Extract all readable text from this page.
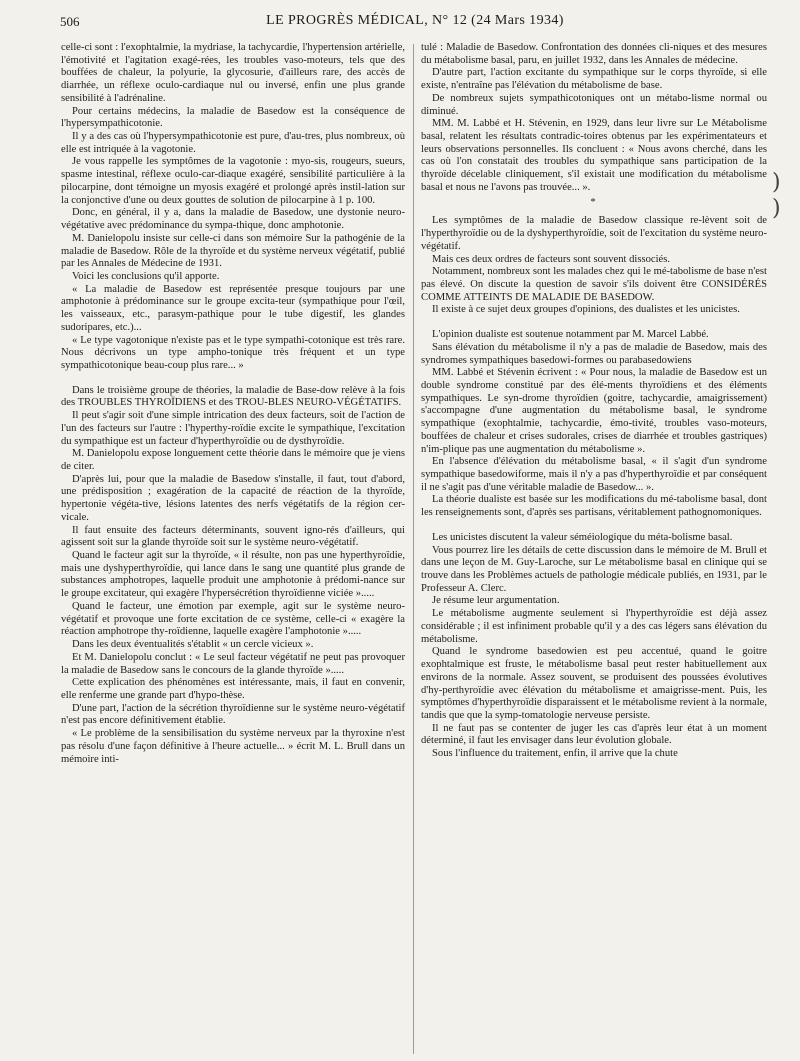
506	LE PROGRÈS MÉDICAL, N° 12 (24 Mars 1934)

celle-ci sont : l'exophtalmie, la mydriase, la tachycardie, l'hypertension artérielle, l'émotivité et l'agitation exagé-rées, les troubles vaso-moteurs, tels que des bouffées de chaleur, la polyurie, la glycosurie, d'ailleurs rare, des accès de diarrhée, un réflexe oculo-cardiaque nul ou inversé, enfin une plus grande sensibilité à l'adrénaline.

Pour certains médecins, la maladie de Basedow est la conséquence de l'hypersympathicotonie.

Il y a des cas où l'hypersympathicotonie est pure, d'au-tres, plus nombreux, où elle est intriquée à la vagotonie.

Je vous rappelle les symptômes de la vagotonie : myo-sis, rougeurs, sueurs, spasme intestinal, réflexe oculo-car-diaque exagéré, sensibilité particulière à la pilocarpine, dont témoigne un myosis exagéré et prolongé après instil-lation sur la conjonctive d'une ou deux gouttes de solution de pilocarpine à 1 p. 100.

Donc, en général, il y a, dans la maladie de Basedow, une dystonie neuro-végétative avec prédominance du sympa-thique, donc amphotonie.

M. Danielopolu insiste sur celle-ci dans son mémoire Sur la pathogénie de la maladie de Basedow. Rôle de la thyroïde et du système nerveux végétatif, publié par les Annales de Médecine de 1931.

Voici les conclusions qu'il apporte.

« La maladie de Basedow est représentée presque toujours par une amphotonie à prédominance sur le groupe excita-teur (sympathique pour l'œil, les vaisseaux, etc., parasym-pathique pour le tube digestif, les glandes sudoripares, etc.)...

« Le type vagotonique n'existe pas et le type sympathi-cotonique est très rare. Nous décrivons un type ampho-tonique très fréquent et un type sympathicotonique beau-coup plus rare... »

Dans le troisième groupe de théories, la maladie de Base-dow relève à la fois des TROUBLES THYROÏDIENS et des TROU-BLES NEURO-VÉGÉTATIFS.

Il peut s'agir soit d'une simple intrication des deux facteurs, soit de l'action de l'un des facteurs sur l'autre : l'hyperthy-roïdie excite le sympathique, l'excitation du sympathique est un facteur d'hyperthyroïdie ou de dysthyroïdie.

M. Danielopolu expose longuement cette théorie dans le mémoire que je viens de citer.

D'après lui, pour que la maladie de Basedow s'installe, il faut, tout d'abord, une prédisposition ; exagération de la capacité de réaction de la thyroïde, hypertonie végéta-tive, lésions latentes des nerfs végétatifs de la région cer-vicale.

Il faut ensuite des facteurs déterminants, souvent igno-rés d'ailleurs, qui agissent soit sur la glande thyroïde soit sur le système neuro-végétatif.

Quand le facteur agit sur la thyroïde, « il résulte, non pas une hyperthyroïdie, mais une dyshyperthyroïdie, qui lance dans le sang une quantité plus grande de substances amphotropes, laquelle produit une amphotonie à prédomi-nance sur le groupe excitateur, qui exagère l'hypersécrétion thyroïdienne viciée ».....

Quand le facteur, une émotion par exemple, agit sur le système neuro-végétatif et provoque une forte excitation de ce système, celle-ci « exagère la réaction amphotrope thy-roïdienne, laquelle exagère l'amphotonie ».....

Dans les deux éventualités s'établit « un cercle vicieux ».

Et M. Danielopolu conclut : « Le seul facteur végétatif ne peut pas provoquer la maladie de Basedow sans le concours de la glande thyroïde ».....

Cette explication des phénomènes est intéressante, mais, il faut en convenir, elle renferme une grande part d'hypo-thèse.

D'une part, l'action de la sécrétion thyroïdienne sur le système neuro-végétatif n'est pas encore définitivement établie.

« Le problème de la sensibilisation du système nerveux par la thyroxine n'est pas résolu d'une façon définitive à l'heure actuelle... » écrit M. L. Brull dans un mémoire inti-

tulé : Maladie de Basedow. Confrontation des données cli-niques et des mesures du métabolisme basal, paru, en juillet 1932, dans les Annales de médecine.

D'autre part, l'action excitante du sympathique sur le corps thyroïde, si elle existe, n'entraîne pas l'élévation du métabolisme de base.

De nombreux sujets sympathicotoniques ont un métabo-lisme normal ou diminué.

MM. M. Labbé et H. Stévenin, en 1929, dans leur livre sur Le Métabolisme basal, relatent les résultats contradic-toires obtenus par les expérimentateurs et leurs observations personnelles. Ils concluent : « Nous avons cherché, dans les cas où l'on constatait des troubles du sympathique sans participation de la thyroïde décelable cliniquement, s'il existait une modification du métabolisme basal et nous ne l'avons pas trouvée... ».

*

Les symptômes de la maladie de Basedow classique re-lèvent soit de l'hyperthyroïdie ou de la dyshyperthyroïdie, soit de l'excitation du système neuro-végétatif.

Mais ces deux ordres de facteurs sont souvent dissociés.

Notamment, nombreux sont les malades chez qui le mé-tabolisme de base n'est pas élevé. On discute la question de savoir s'ils doivent être CONSIDÉRÉS COMME ATTEINTS DE MALADIE DE BASEDOW.

Il existe à ce sujet deux groupes d'opinions, des dualistes et les unicistes.

L'opinion dualiste est soutenue notamment par M. Marcel Labbé.

Sans élévation du métabolisme il n'y a pas de maladie de Basedow, mais des syndromes sympathiques basedowi-formes ou parabasedowiens

MM. Labbé et Stévenin écrivent : « Pour nous, la maladie de Basedow est un double syndrome constitué par des élé-ments thyroïdiens et des éléments sympathiques. Le syn-drome thyroïdien (goitre, tachycardie, amaigrissement) s'accompagne d'une augmentation du métabolisme basal, le syndrome sympathique (exophtalmie, tachycardie, émo-tivité, troubles vaso-moteurs, bouffées de chaleur et crises sudorales, crises de diarrhée et troubles gastriques) n'im-plique pas une augmentation du métabolisme ».

En l'absence d'élévation du métabolisme basal, « il s'agit d'un syndrome sympathique basedowiforme, mais il n'y a pas d'hyperthyroïdie et par conséquent il ne s'agit pas d'une véritable maladie de Basedow... ».

La théorie dualiste est basée sur les modifications du mé-tabolisme basal, dont les renseignements sont, d'après ses partisans, véritablement pathognomoniques.

Les unicistes discutent la valeur séméiologique du méta-bolisme basal.

Vous pourrez lire les détails de cette discussion dans le mémoire de M. Brull et dans une leçon de M. Guy-Laroche, sur Le métabolisme basal en clinique qui se trouve dans les Problèmes actuels de pathologie médicale publiés, en 1931, par le Professeur A. Clerc.

Je résume leur argumentation.

Le métabolisme augmente seulement si l'hyperthyroïdie est déjà assez considérable ; il est infiniment probable qu'il y a des cas légers sans élévation du métabolisme.

Quand le syndrome basedowien est peu accentué, quand le goitre exophtalmique est fruste, le métabolisme basal peut rester habituellement aux environs de la normale. Assez souvent, se produisent des poussées évolutives d'hy-perthyroïdie avec élévation du métabolisme et amaigrisse-ment. Puis, les symptômes d'hyperthyroïdie disparaissent et le métabolisme revient à la normale, tandis que que la symp-tomatologie nerveuse persiste.

Il ne faut pas se contenter de juger les cas d'après leur état à un moment déterminé, il faut les envisager dans leur évolution globale.

Sous l'influence du traitement, enfin, il arrive que la chute

)
)
